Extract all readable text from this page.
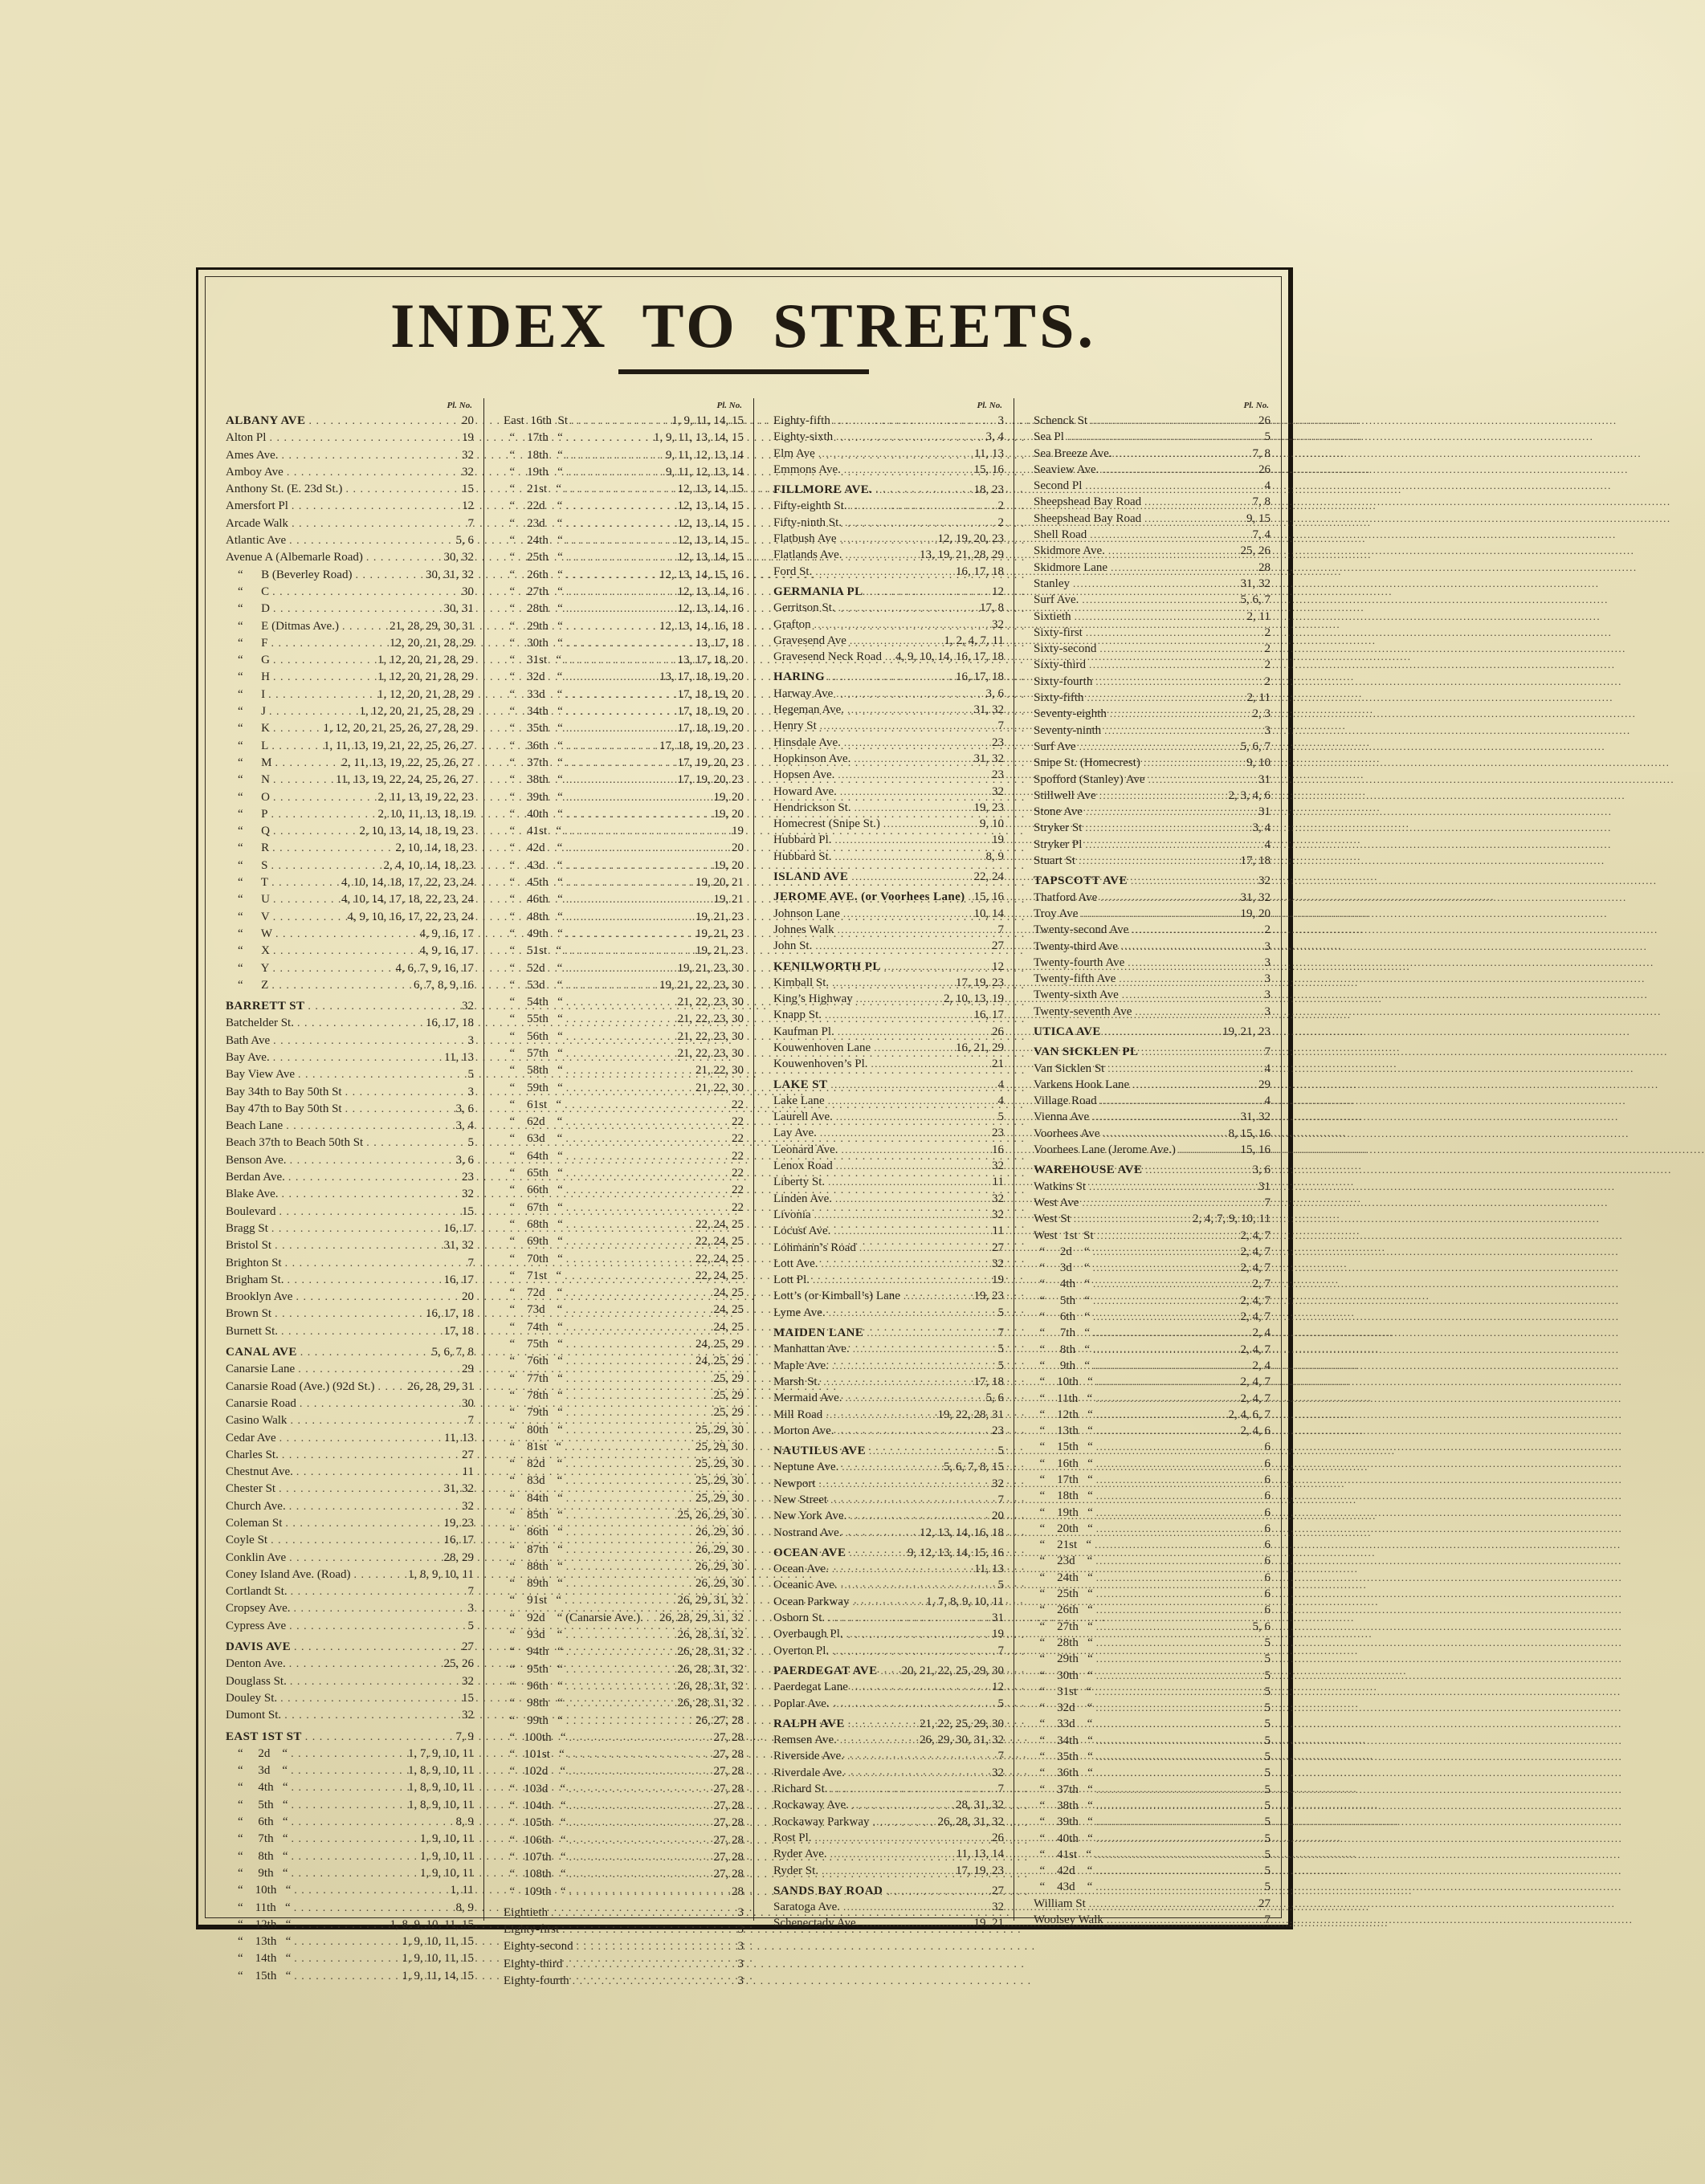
INDEX TO STREETS.
Pl. No.
ALBANY AVE . . .	20
Alton Pl . . .	19
Ames Ave. . . .	32
Amboy Ave . . .	32
Anthony St. (E. 23d St.) . . .	15
Amersfort Pl . . .	12
Arcade Walk . . .	7
Atlantic Ave . . .	5, 6
Avenue A (Albemarle Road) . . .	30, 32
“      B (Beverley Road) . . .	30, 31, 32
“      C . . .	30
“      D . . .	30, 31
“      E (Ditmas Ave.) . . .	21, 28, 29, 30, 31
“      F . . .	12, 20, 21, 28, 29
“      G . . .	1, 12, 20, 21, 28, 29
“      H . . .	1, 12, 20, 21, 28, 29
“      I . . .	1, 12, 20, 21, 28, 29
“      J . . .	1, 12, 20, 21, 25, 28, 29
“      K . . .	1, 12, 20, 21, 25, 26, 27, 28, 29
“      L . . .	1, 11, 13, 19, 21, 22, 25, 26, 27
“      M . . .	2, 11, 13, 19, 22, 25, 26, 27
“      N . . .	11, 13, 19, 22, 24, 25, 26, 27
“      O . . .	2, 11, 13, 19, 22, 23
“      P . . .	2, 10, 11, 13, 18, 19
“      Q . . .	2, 10, 13, 14, 18, 19, 23
“      R . . .	2, 10, 14, 18, 23
“      S . . .	2, 4, 10, 14, 18, 23
“      T . . .	4, 10, 14, 18, 17, 22, 23, 24
“      U . . .	4, 10, 14, 17, 18, 22, 23, 24
“      V . . .	4, 9, 10, 16, 17, 22, 23, 24
“      W . . .	4, 9, 16, 17
“      X . . .	4, 9, 16, 17
“      Y . . .	4, 6, 7, 9, 16, 17
“      Z . . .	6, 7, 8, 9, 16
BARRETT ST . . .	32
Batchelder St. . . .	16, 17, 18
Bath Ave . . .	3
Bay Ave. . . .	11, 13
Bay View Ave . . .	5
Bay 34th to Bay 50th St . . .	3
Bay 47th to Bay 50th St . . .	3, 6
Beach Lane . . .	3, 4
Beach 37th to Beach 50th St . . .	5
Benson Ave. . . .	3, 6
Berdan Ave. . . .	23
Blake Ave. . . .	32
Boulevard . . .	15
Bragg St . . .	16, 17
Bristol St . . .	31, 32
Brighton St . . .	7
Brigham St. . . .	16, 17
Brooklyn Ave . . .	20
Brown St . . .	16, 17, 18
Burnett St. . . .	17, 18
CANAL AVE . . .	5, 6, 7, 8
Canarsie Lane . . .	29
Canarsie Road (Ave.) (92d St.) . . .	26, 28, 29, 31
Canarsie Road . . .	30
Casino Walk . . .	7
Cedar Ave . . .	11, 13
Charles St. . . .	27
Chestnut Ave. . . .	11
Chester St . . .	31, 32
Church Ave. . . .	32
Coleman St . . .	19, 23
Coyle St . . .	16, 17
Conklin Ave . . .	28, 29
Coney Island Ave. (Road) . . .	1, 8, 9, 10, 11
Cortlandt St. . . .	7
Cropsey Ave. . . .	3
Cypress Ave . . .	5
DAVIS AVE . . .	27
Denton Ave. . . .	25, 26
Douglass St. . . .	32
Douley St. . . .	15
Dumont St. . . .	32
EAST 1ST ST . . .	7, 9
“     2d    “ . . .	1, 7, 9, 10, 11
“     3d    “ . . .	1, 8, 9, 10, 11
“     4th   “ . . .	1, 8, 9, 10, 11
“     5th   “ . . .	1, 8, 9, 10, 11
“     6th   “ . . .	8, 9
“     7th   “ . . .	1, 9, 10, 11
“     8th   “ . . .	1, 9, 10, 11
“     9th   “ . . .	1, 9, 10, 11
“    10th   “ . . .	1, 11
“    11th   “ . . .	8, 9
“    12th   “ . . .	1, 8, 9, 10, 11, 15
“    13th   “ . . .	1, 9, 10, 11, 15
“    14th   “ . . .	1, 9, 10, 11, 15
“    15th   “ . . .	1, 9, 11, 14, 15
Pl. No.
East  16th  St . . .	1, 9, 11, 14, 15
“    17th   “ . . .	1, 9, 11, 13, 14, 15
“    18th   “ . . .	9, 11, 12, 13, 14
“    19th   “ . . .	9, 11, 12, 13, 14
“    21st   “ . . .	12, 13, 14, 15
“    22d    “ . . .	12, 13, 14, 15
“    23d    “ . . .	12, 13, 14, 15
“    24th   “ . . .	12, 13, 14, 15
“    25th   “ . . .	12, 13, 14, 15
“    26th   “ . . .	12, 13, 14, 15, 16
“    27th   “ . . .	12, 13, 14, 16
“    28th   “ . . .	12, 13, 14, 16
“    29th   “ . . .	12, 13, 14, 16, 18
“    30th   “ . . .	13, 17, 18
“    31st   “ . . .	13, 17, 18, 20
“    32d    “ . . .	13, 17, 18, 19, 20
“    33d    “ . . .	17, 18, 19, 20
“    34th   “ . . .	17, 18, 19, 20
“    35th   “ . . .	17, 18, 19, 20
“    36th   “ . . .	17, 18, 19, 20, 23
“    37th   “ . . .	17, 19, 20, 23
“    38th   “ . . .	17, 19, 20, 23
“    39th   “ . . .	19, 20
“    40th   “ . . .	19, 20
“    41st   “ . . .	19
“    42d    “ . . .	20
“    43d    “ . . .	19, 20
“    45th   “ . . .	19, 20, 21
“    46th   “ . . .	19, 21
“    48th   “ . . .	19, 21, 23
“    49th   “ . . .	19, 21, 23
“    51st   “ . . .	19, 21, 23
“    52d    “ . . .	19, 21, 23, 30
“    53d    “ . . .	19, 21, 22, 23, 30
“    54th   “ . . .	21, 22, 23, 30
“    55th   “ . . .	21, 22, 23, 30
“    56th   “ . . .	21, 22, 23, 30
“    57th   “ . . .	21, 22, 23, 30
“    58th   “ . . .	21, 22, 30
“    59th   “ . . .	21, 22, 30
“    61st   “ . . .	22
“    62d    “ . . .	22
“    63d    “ . . .	22
“    64th   “ . . .	22
“    65th   “ . . .	22
“    66th   “ . . .	22
“    67th   “ . . .	22
“    68th   “ . . .	22, 24, 25
“    69th   “ . . .	22, 24, 25
“    70th   “ . . .	22, 24, 25
“    71st   “ . . .	22, 24, 25
“    72d    “ . . .	24, 25
“    73d    “ . . .	24, 25
“    74th   “ . . .	24, 25
“    75th   “ . . .	24, 25, 29
“    76th   “ . . .	24, 25, 29
“    77th   “ . . .	25, 29
“    78th   “ . . .	25, 29
“    79th   “ . . .	25, 29
“    80th   “ . . .	25, 29, 30
“    81st   “ . . .	25, 29, 30
“    82d    “ . . .	25, 29, 30
“    83d    “ . . .	25, 29, 30
“    84th   “ . . .	25, 29, 30
“    85th   “ . . .	25, 26, 29, 30
“    86th   “ . . .	26, 29, 30
“    87th   “ . . .	26, 29, 30
“    88th   “ . . .	26, 29, 30
“    89th   “ . . .	26, 29, 30
“    91st   “ . . .	26, 29, 31, 32
“    92d    “ (Canarsie Ave.). . . . 26, 28, 29, 31, 32
“    93d    “ . . .	26, 28, 31, 32
“    94th   “ . . .	26, 28, 31, 32
“    95th   “ . . .	26, 28, 31, 32
“    96th   “ . . .	26, 28, 31, 32
“    98th   “ . . .	26, 28, 31, 32
“    99th   “ . . .	26, 27, 28
“   100th   “ . . .	27, 28
“   101st   “ . . .	27, 28
“   102d    “ . . .	27, 28
“   103d    “ . . .	27, 28
“   104th   “ . . .	27, 28
“   105th   “ . . .	27, 28
“   106th   “ . . .	27, 28
“   107th   “ . . .	27, 28
“   108th   “ . . .	27, 28
“   109th   “ . . .	28
Eightieth . . .	3
Eighty-first . . .	3
Eighty-second . . .	3
Eighty-third . . .	3
Eighty-fourth . . .	3
Pl. No.
Eighty-fifth .....	3
Eighty-sixth .....	3, 4
Elm Ave .....	11, 13
Emmons Ave. .....	15, 16
FILLMORE AVE. .....	18, 23
Fifty-eighth St. .....	2
Fifty-ninth St. .....	2
Flatbush Ave .....	12, 19, 20, 23
Flatlands Ave. .....	13, 19, 21, 28, 29
Ford St. .....	16, 17, 18
GERMANIA PL .....	12
Gerritson St. .....	17, 8
Grafton .....	32
Gravesend Ave .....	1, 2, 4, 7, 11
Gravesend Neck Road ..... 4, 9, 10, 14, 16, 17, 18
HARING .....	16, 17, 18
Harway Ave .....	3, 6
Hegeman Ave. .....	31, 32
Henry St .....	7
Hinsdale Ave. .....	23
Hopkinson Ave. .....	31, 32
Hopsen Ave. .....	23
Howard Ave. .....	32
Hendrickson St. .....	19, 23
Homecrest (Snipe St.) .....	9, 10
Hubbard Pl. .....	19
Hubbard St. .....	8, 9
ISLAND AVE .....	22, 24
JEROME AVE. (or Voorhees Lane) ..... 15, 16
Johnson Lane .....	10, 14
Johnes Walk .....	7
John St. .....	27
KENILWORTH PL .....	12
Kimball St. .....	17, 19, 23
King’s Highway .....	2, 10, 13, 19
Knapp St. .....	16, 17
Kaufman Pl. .....	26
Kouwenhoven Lane .....	16, 21, 29
Kouwenhoven’s Pl. .....	21
LAKE ST .....	4
Lake Lane .....	4
Laurell Ave. .....	5
Lay Ave. .....	23
Leonard Ave. .....	16
Lenox Road .....	32
Liberty St. .....	11
Linden Ave. .....	32
Livonia .....	32
Locust Ave. .....	11
Lohmann’s Road .....	27
Lott Ave. .....	32
Lott Pl. .....	19
Lott’s (or Kimball’s) Lane .....	19, 23
Lyme Ave. .....	5
MAIDEN LANE .....	7
Manhattan Ave. .....	5
Maple Ave. .....	5
Marsh St. .....	17, 18
Mermaid Ave. .....	5, 6
Mill Road .....	19, 22, 28, 31
Morton Ave. .....	23
NAUTILUS AVE .....	5
Neptune Ave. .....	5, 6, 7, 8, 15
Newport .....	32
New Street .....	7
New York Ave. .....	20
Nostrand Ave. .....	12, 13, 14, 16, 18
OCEAN AVE .....	9, 12, 13, 14, 15, 16
Ocean Ave. .....	11, 13
Oceanic Ave. .....	5
Ocean Parkway .....	1, 7, 8, 9, 10, 11
Osborn St. .....	31
Overbaugh Pl. .....	19
Overton Pl. .....	7
PAERDEGAT AVE ..... 20, 21, 22, 25, 29, 30
Paerdegat Lane .....	12
Poplar Ave. .....	5
RALPH AVE .....	21, 22, 25, 29, 30
Remsen Ave. .....	26, 29, 30, 31, 32
Riverside Ave. .....	7
Riverdale Ave. .....	32
Richard St. .....	7
Rockaway Ave. .....	28, 31, 32
Rockaway Parkway .....	26, 28, 31, 32
Rost Pl. .....	26
Ryder Ave. .....	11, 13, 14
Ryder St. .....	17, 19, 23
SANDS BAY ROAD .....	27
Saratoga Ave. .....	32
Schenectady Ave. .....	19, 21
Pl. No.
Schenck St .....	26
Sea Pl .....	5
Sea Breeze Ave. .....	7, 8
Seaview Ave. .....	26
Second Pl .....	4
Sheepshead Bay Road .....	7, 8
Sheepshead Bay Road .....	9, 15
Shell Road .....	7, 4
Skidmore Ave. .....	25, 26
Skidmore Lane .....	28
Stanley .....	31, 32
Surf Ave. .....	5, 6, 7
Sixtieth .....	2, 11
Sixty-first .....	2
Sixty-second .....	2
Sixty-third .....	2
Sixty-fourth .....	2
Sixty-fifth .....	2, 11
Seventy-eighth .....	2, 3
Seventy-ninth .....	3
Surf Ave .....	5, 6, 7
Snipe St. (Homecrest) .....	9, 10
Spofford (Stanley) Ave .....	31
Stillwell Ave .....	2, 3, 4, 6
Stone Ave .....	31
Stryker St .....	3, 4
Stryker Pl .....	4
Stuart St .....	17, 18
TAPSCOTT AVE .....	32
Thatford Ave .....	31, 32
Troy Ave .....	19, 20
Twenty-second Ave .....	2
Twenty-third Ave .....	3
Twenty-fourth Ave .....	3
Twenty-fifth Ave .....	3
Twenty-sixth Ave .....	3
Twenty-seventh Ave .....	3
UTICA AVE .....	19, 21, 23
VAN SICKLEN PL .....	7
Van Sicklen St .....	4
Varkens Hook Lane .....	29
Village Road .....	4
Vienna Ave .....	31, 32
Voorhees Ave .....	8, 15, 16
Voorhees Lane (Jerome Ave.) .....	15, 16
WAREHOUSE AVE .....	3, 6
Watkins St .....	31
West Ave .....	7
West St .....	2, 4, 7, 9, 10, 11
West  1st  St .....	2, 4, 7
“     2d    “ .....	2, 4, 7
“     3d    “ .....	2, 4, 7
“     4th   “ .....	2, 7
“     5th   “ .....	2, 4, 7
“     6th   “ .....	2, 4, 7
“     7th   “ .....	2, 4
“     8th   “ .....	2, 4, 7
“     9th   “ .....	2, 4
“    10th   “ .....	2, 4, 7
“    11th   “ .....	2, 4, 7
“    12th   “ .....	2, 4, 6, 7
“    13th   “ .....	2, 4, 6
“    15th   “ .....	6
“    16th   “ .....	6
“    17th   “ .....	6
“    18th   “ .....	6
“    19th   “ .....	6
“    20th   “ .....	6
“    21st   “ .....	6
“    23d    “ .....	6
“    24th   “ .....	6
“    25th   “ .....	6
“    26th   “ .....	6
“    27th   “ .....	5, 6
“    28th   “ .....	5
“    29th   “ .....	5
“    30th   “ .....	5
“    31st   “ .....	5
“    32d    “ .....	5
“    33d    “ .....	5
“    34th   “ .....	5
“    35th   “ .....	5
“    36th   “ .....	5
“    37th   “ .....	5
“    38th   “ .....	5
“    39th   “ .....	5
“    40th   “ .....	5
“    41st   “ .....	5
“    42d    “ .....	5
“    43d    “ .....	5
William St .....	27
Woolsey Walk .....	7
